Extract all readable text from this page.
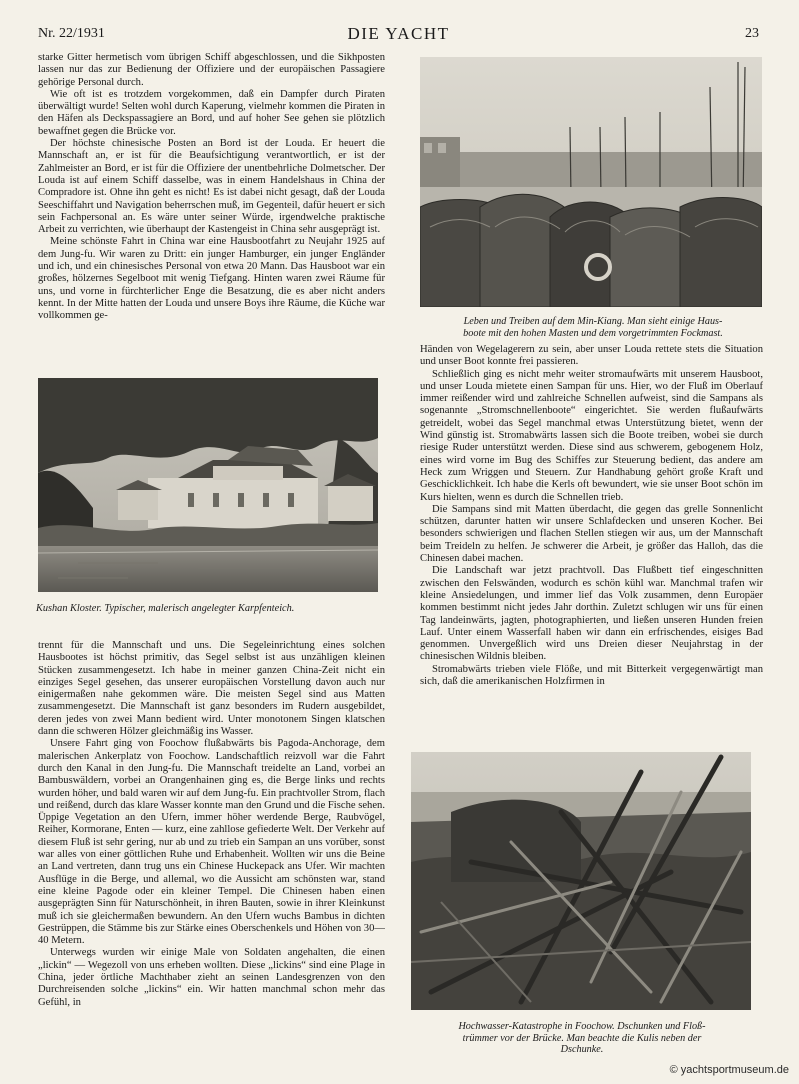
Nr. 22/1931	DIE YACHT	23

starke Gitter hermetisch vom übrigen Schiff abgeschlossen, und die Sikhposten lassen nur das zur Bedienung der Offiziere und der europäischen Passagiere gehörige Personal durch.

Wie oft ist es trotzdem vorgekommen, daß ein Dampfer durch Piraten überwältigt wurde! Selten wohl durch Kaperung, vielmehr kommen die Piraten in den Häfen als Deckspassagiere an Bord, und auf hoher See gehen sie plötzlich bewaffnet gegen die Brücke vor.

Der höchste chinesische Posten an Bord ist der Louda. Er heuert die Mannschaft an, er ist für die Beaufsichtigung verantwortlich, er ist der Zahlmeister an Bord, er ist für die Offiziere der unentbehrliche Dolmetscher. Der Louda ist auf einem Schiff dasselbe, was in einem Handelshaus in China der Compradore ist. Ohne ihn geht es nicht! Es ist dabei nicht gesagt, daß der Louda Seeschiffahrt und Navigation beherrschen muß, im Gegenteil, dafür heuert er sich sein Fachpersonal an. Es wäre unter seiner Würde, irgendwelche praktische Arbeit zu verrichten, wie überhaupt der Kastengeist in China sehr ausgeprägt ist.

Meine schönste Fahrt in China war eine Hausbootfahrt zu Neujahr 1925 auf dem Jung-fu. Wir waren zu Dritt: ein junger Hamburger, ein junger Engländer und ich, und ein chinesisches Personal von etwa 20 Mann. Das Hausboot war ein großes, hölzernes Segelboot mit wenig Tiefgang. Hinten waren zwei Räume für uns, und vorne in fürchterlicher Enge die Besatzung, die es aber nicht anders kennt. In der Mitte hatten der Louda und unsere Boys ihre Räume, die Küche war vollkommen ge-

Kushan Kloster. Typischer, malerisch angelegter Karpfenteich.

trennt für die Mannschaft und uns. Die Segeleinrichtung eines solchen Hausbootes ist höchst primitiv, das Segel selbst ist aus unzähligen kleinen Stücken zusammengesetzt. Ich habe in meiner ganzen China-Zeit nicht ein einziges Segel gesehen, das unserer europäischen Vorstellung davon auch nur einigermaßen nahe gekommen wäre. Die meisten Segel sind aus Matten zusammengesetzt. Die Mannschaft ist ganz besonders im Rudern ausgebildet, deren jedes von zwei Mann bedient wird. Unter monotonem Singen klatschen dann die schweren Hölzer gleichmäßig ins Wasser.

Unsere Fahrt ging von Foochow flußabwärts bis Pagoda-Anchorage, dem malerischen Ankerplatz von Foochow. Landschaftlich reizvoll war die Fahrt durch den Kanal in den Jung-fu. Die Mannschaft treidelte an Land, vorbei an Bambuswäldern, vorbei an Orangenhainen ging es, die Berge links und rechts wurden höher, und bald waren wir auf dem Jung-fu. Ein prachtvoller Strom, flach und reißend, durch das klare Wasser konnte man den Grund und die Fische sehen. Üppige Vegetation an den Ufern, immer höher werdende Berge, Raubvögel, Reiher, Kormorane, Enten — kurz, eine zahllose gefiederte Welt. Der Verkehr auf diesem Fluß ist sehr gering, nur ab und zu trieb ein Sampan an uns vorüber, sonst war alles von einer göttlichen Ruhe und Erhabenheit. Wollten wir uns die Beine an Land vertreten, dann trug uns ein Chinese Huckepack ans Ufer. Wir machten Ausflüge in die Berge, und allemal, wo die Aussicht am schönsten war, stand eine kleine Pagode oder ein kleiner Tempel. Die Chinesen haben einen ausgeprägten Sinn für Naturschönheit, in ihren Bauten, sowie in ihrer Kleinkunst muß ich sie gleichermaßen bewundern. An den Ufern wuchs Bambus in dichten Gestrüppen, die Stämme bis zur Stärke eines Oberschenkels und Höhen von 30—40 Metern.

Unterwegs wurden wir einige Male von Soldaten angehalten, die einen „lickin“ — Wegezoll von uns erheben wollten. Diese „lickins“ sind eine Plage in China, jeder örtliche Machthaber zieht an seinen Landesgrenzen von den Durchreisenden solche „lickins“ ein. Wir hatten manchmal schon mehr das Gefühl, in

Leben und Treiben auf dem Min-Kiang. Man sieht einige Haus-
boote mit den hohen Masten und dem vorgetrimmten Fockmast.

Händen von Wegelagerern zu sein, aber unser Louda rettete stets die Situation und unser Boot konnte frei passieren.

Schließlich ging es nicht mehr weiter stromaufwärts mit unserem Hausboot, und unser Louda mietete einen Sampan für uns. Hier, wo der Fluß im Oberlauf immer reißender wird und zahlreiche Schnellen aufweist, sind die Sampans als sogenannte „Stromschnellenboote“ eingerichtet. Sie werden flußaufwärts getreidelt, wobei das Segel manchmal etwas Unterstützung bietet, wenn der Wind günstig ist. Stromabwärts lassen sich die Boote treiben, wobei sie durch riesige Ruder unterstützt werden. Diese sind aus schwerem, gebogenem Holz, eines wird vorne im Bug des Schiffes zur Steuerung bedient, das andere am Heck zum Wriggen und Steuern. Zur Handhabung gehört große Kraft und Geschicklichkeit. Ich habe die Kerls oft bewundert, wie sie unser Boot schön im Kurs hielten, wenn es durch die Schnellen trieb.

Die Sampans sind mit Matten überdacht, die gegen das grelle Sonnenlicht schützen, darunter hatten wir unsere Schlafdecken und unseren Kocher. Bei besonders schwierigen und flachen Stellen stiegen wir aus, um der Mannschaft beim Treideln zu helfen. Je schwerer die Arbeit, je größer das Halloh, das die Chinesen dabei machen.

Die Landschaft war jetzt prachtvoll. Das Flußbett tief eingeschnitten zwischen den Felswänden, wodurch es schön kühl war. Manchmal trafen wir kleine Ansiedelungen, und immer lief das Volk zusammen, denn Europäer kommen bestimmt nicht jedes Jahr dorthin. Zuletzt schlugen wir uns für einen Tag landeinwärts, jagten, photographierten, und ließen unseren Hunden freien Lauf. Unter einem Wasserfall haben wir dann ein erfrischendes, eisiges Bad genommen. Unvergeßlich wird uns Dreien dieser Neujahrstag in der chinesischen Wildnis bleiben.

Stromabwärts trieben viele Flöße, und mit Bitterkeit vergegenwärtigt man sich, daß die amerikanischen Holzfirmen in

Hochwasser-Katastrophe in Foochow. Dschunken und Floß-
trümmer vor der Brücke. Man beachte die Kulis neben der
Dschunke.
© yachtsportmuseum.de
